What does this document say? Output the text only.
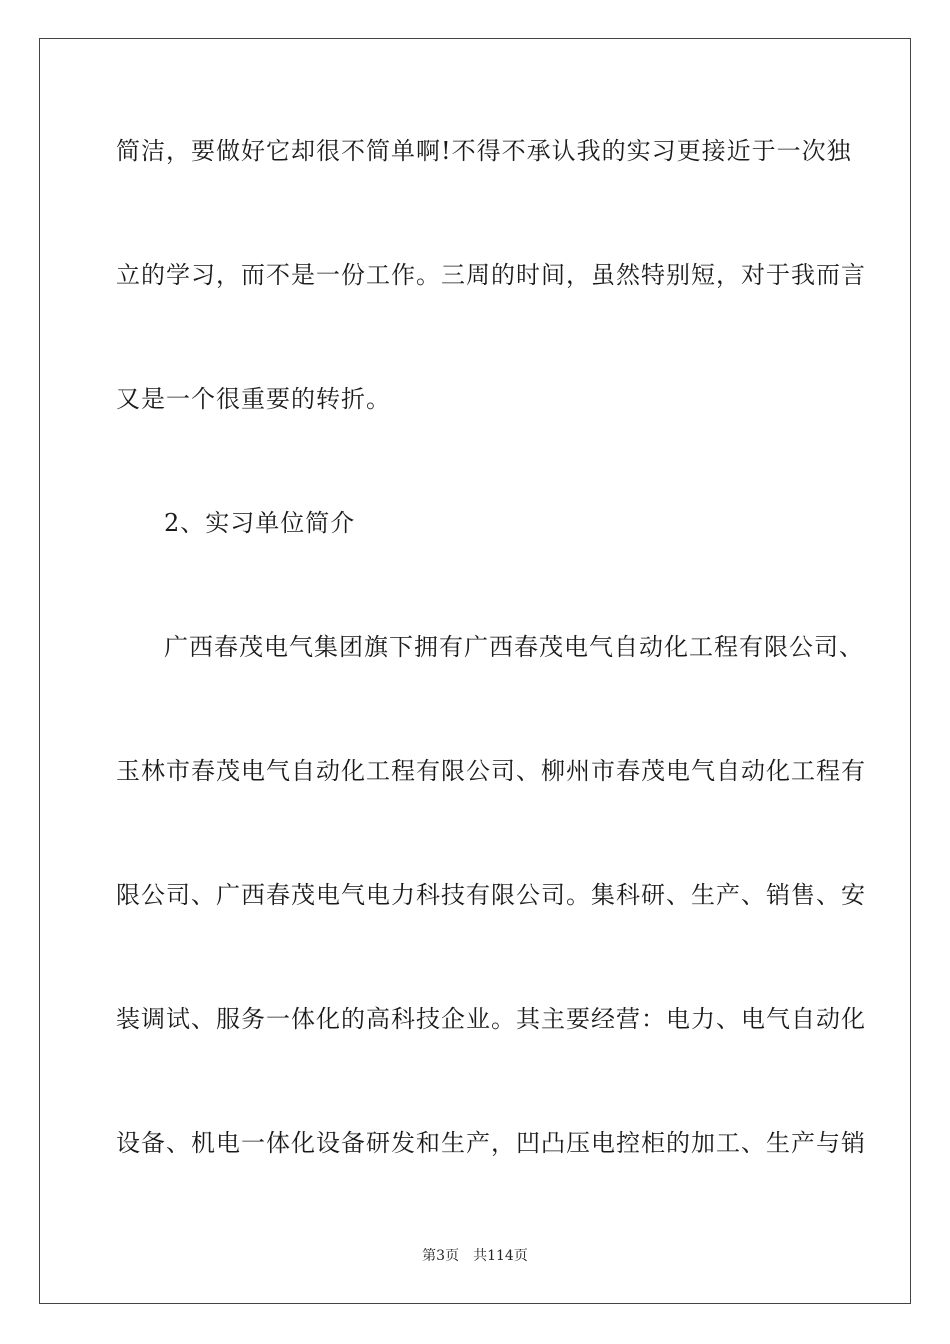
简洁，要做好它却很不简单啊!不得不承认我的实习更接近于一次独
立的学习，而不是一份工作。三周的时间，虽然特别短，对于我而言
又是一个很重要的转折。
2、实习单位简介
广西春茂电气集团旗下拥有广西春茂电气自动化工程有限公司、
玉林市春茂电气自动化工程有限公司、柳州市春茂电气自动化工程有
限公司、广西春茂电气电力科技有限公司。集科研、生产、销售、安
装调试、服务一体化的高科技企业。其主要经营：电力、电气自动化
设备、机电一体化设备研发和生产，凹凸压电控柜的加工、生产与销
第3页 共114页
